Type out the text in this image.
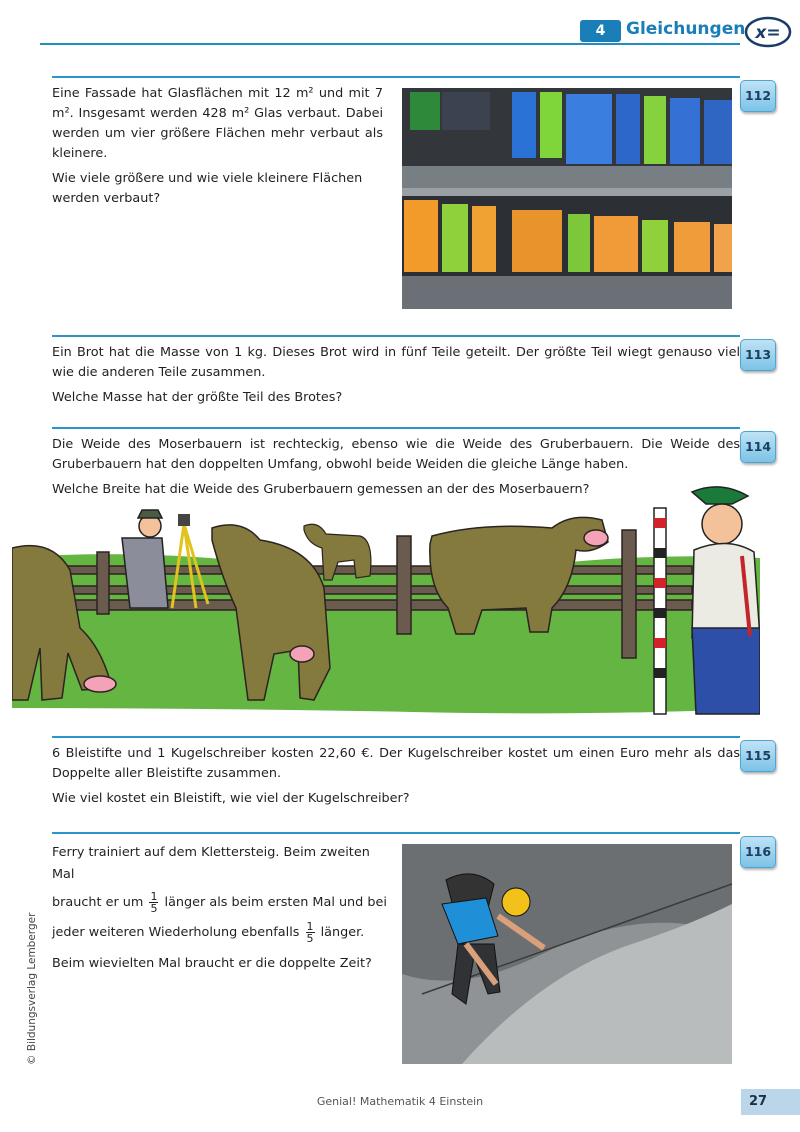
4	Gleichungen x=

Eine Fassade hat Glasflächen mit 12 m² und mit 7 m². Insgesamt werden 428 m² Glas verbaut. Dabei werden um vier größere Flächen mehr verbaut als kleinere.

Wie viele größere und wie viele kleinere Flächen werden verbaut?

112

Ein Brot hat die Masse von 1 kg. Dieses Brot wird in fünf Teile geteilt. Der größte Teil wiegt genauso viel wie die anderen Teile zusammen.

Welche Masse hat der größte Teil des Brotes?

113

Die Weide des Moserbauern ist rechteckig, ebenso wie die Weide des Gruberbauern. Die Weide des Gruberbauern hat den doppelten Umfang, obwohl beide Weiden die gleiche Länge haben.

Welche Breite hat die Weide des Gruberbauern gemessen an der des Moserbauern?

114

6 Bleistifte und 1 Kugelschreiber kosten 22,60 €. Der Kugelschreiber kostet um einen Euro mehr als das Doppelte aller Bleistifte zusammen.

Wie viel kostet ein Bleistift, wie viel der Kugelschreiber?

115

Ferry trainiert auf dem Klettersteig. Beim zweiten Mal

braucht er um $\frac{1}{5}$ länger als beim ersten Mal und bei

jeder weiteren Wiederholung ebenfalls $\frac{1}{5}$ länger.

Beim wievielten Mal braucht er die doppelte Zeit?

116
© Bildungsverlag Lemberger
Genial! Mathematik 4 Einstein	27
